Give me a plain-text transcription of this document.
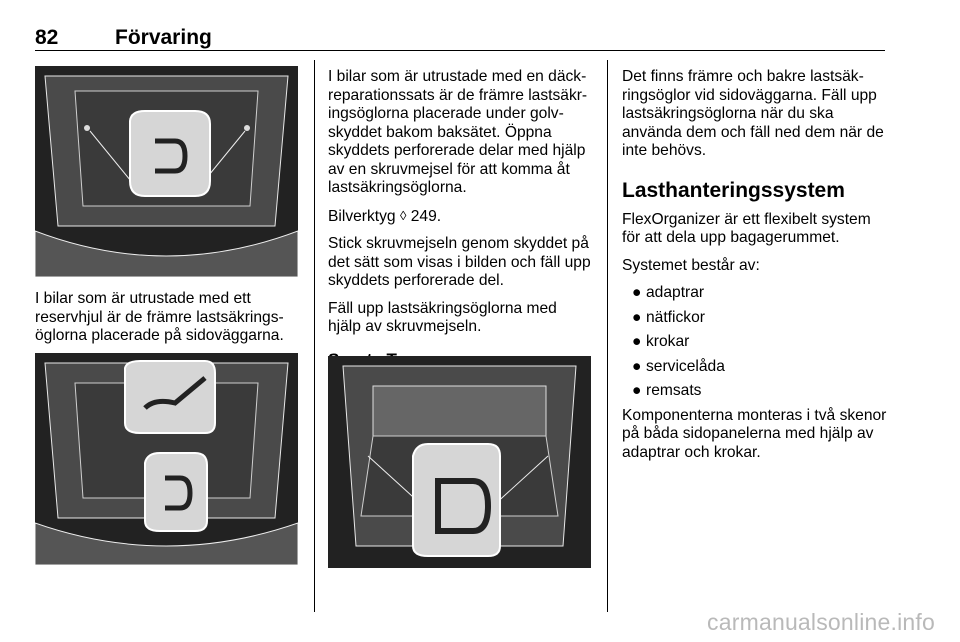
82	Förvaring

I bilar som är utrustade med ett reservhjul är de främre lastsäkrings-öglorna placerade på sidoväggarna.

I bilar som är utrustade med en däck-reparationssats är de främre lastsäkr-ingsöglorna placerade under golv-skyddet bakom baksätet. Öppna skyddets perforerade delar med hjälp av en skruvmejsel för att komma åt lastsäkringsöglorna.

Bilverktyg ◊ 249.

Stick skruvmejseln genom skyddet på det sätt som visas i bilden och fäll upp skyddets perforerade del.

Fäll upp lastsäkringsöglorna med hjälp av skruvmejseln.

Det finns främre och bakre lastsäk-ringsöglor vid sidoväggarna. Fäll upp lastsäkringsöglorna när du ska använda dem och fäll ned dem när de inte behövs.

Lasthanteringssystem

FlexOrganizer är ett flexibelt system för att dela upp bagagerummet.

Systemet består av:

● adaptrar
● nätfickor
● krokar
● servicelåda
● remsats

Komponenterna monteras i två skenor på båda sidopanelerna med hjälp av adaptrar och krokar.

carmanualsonline.info
